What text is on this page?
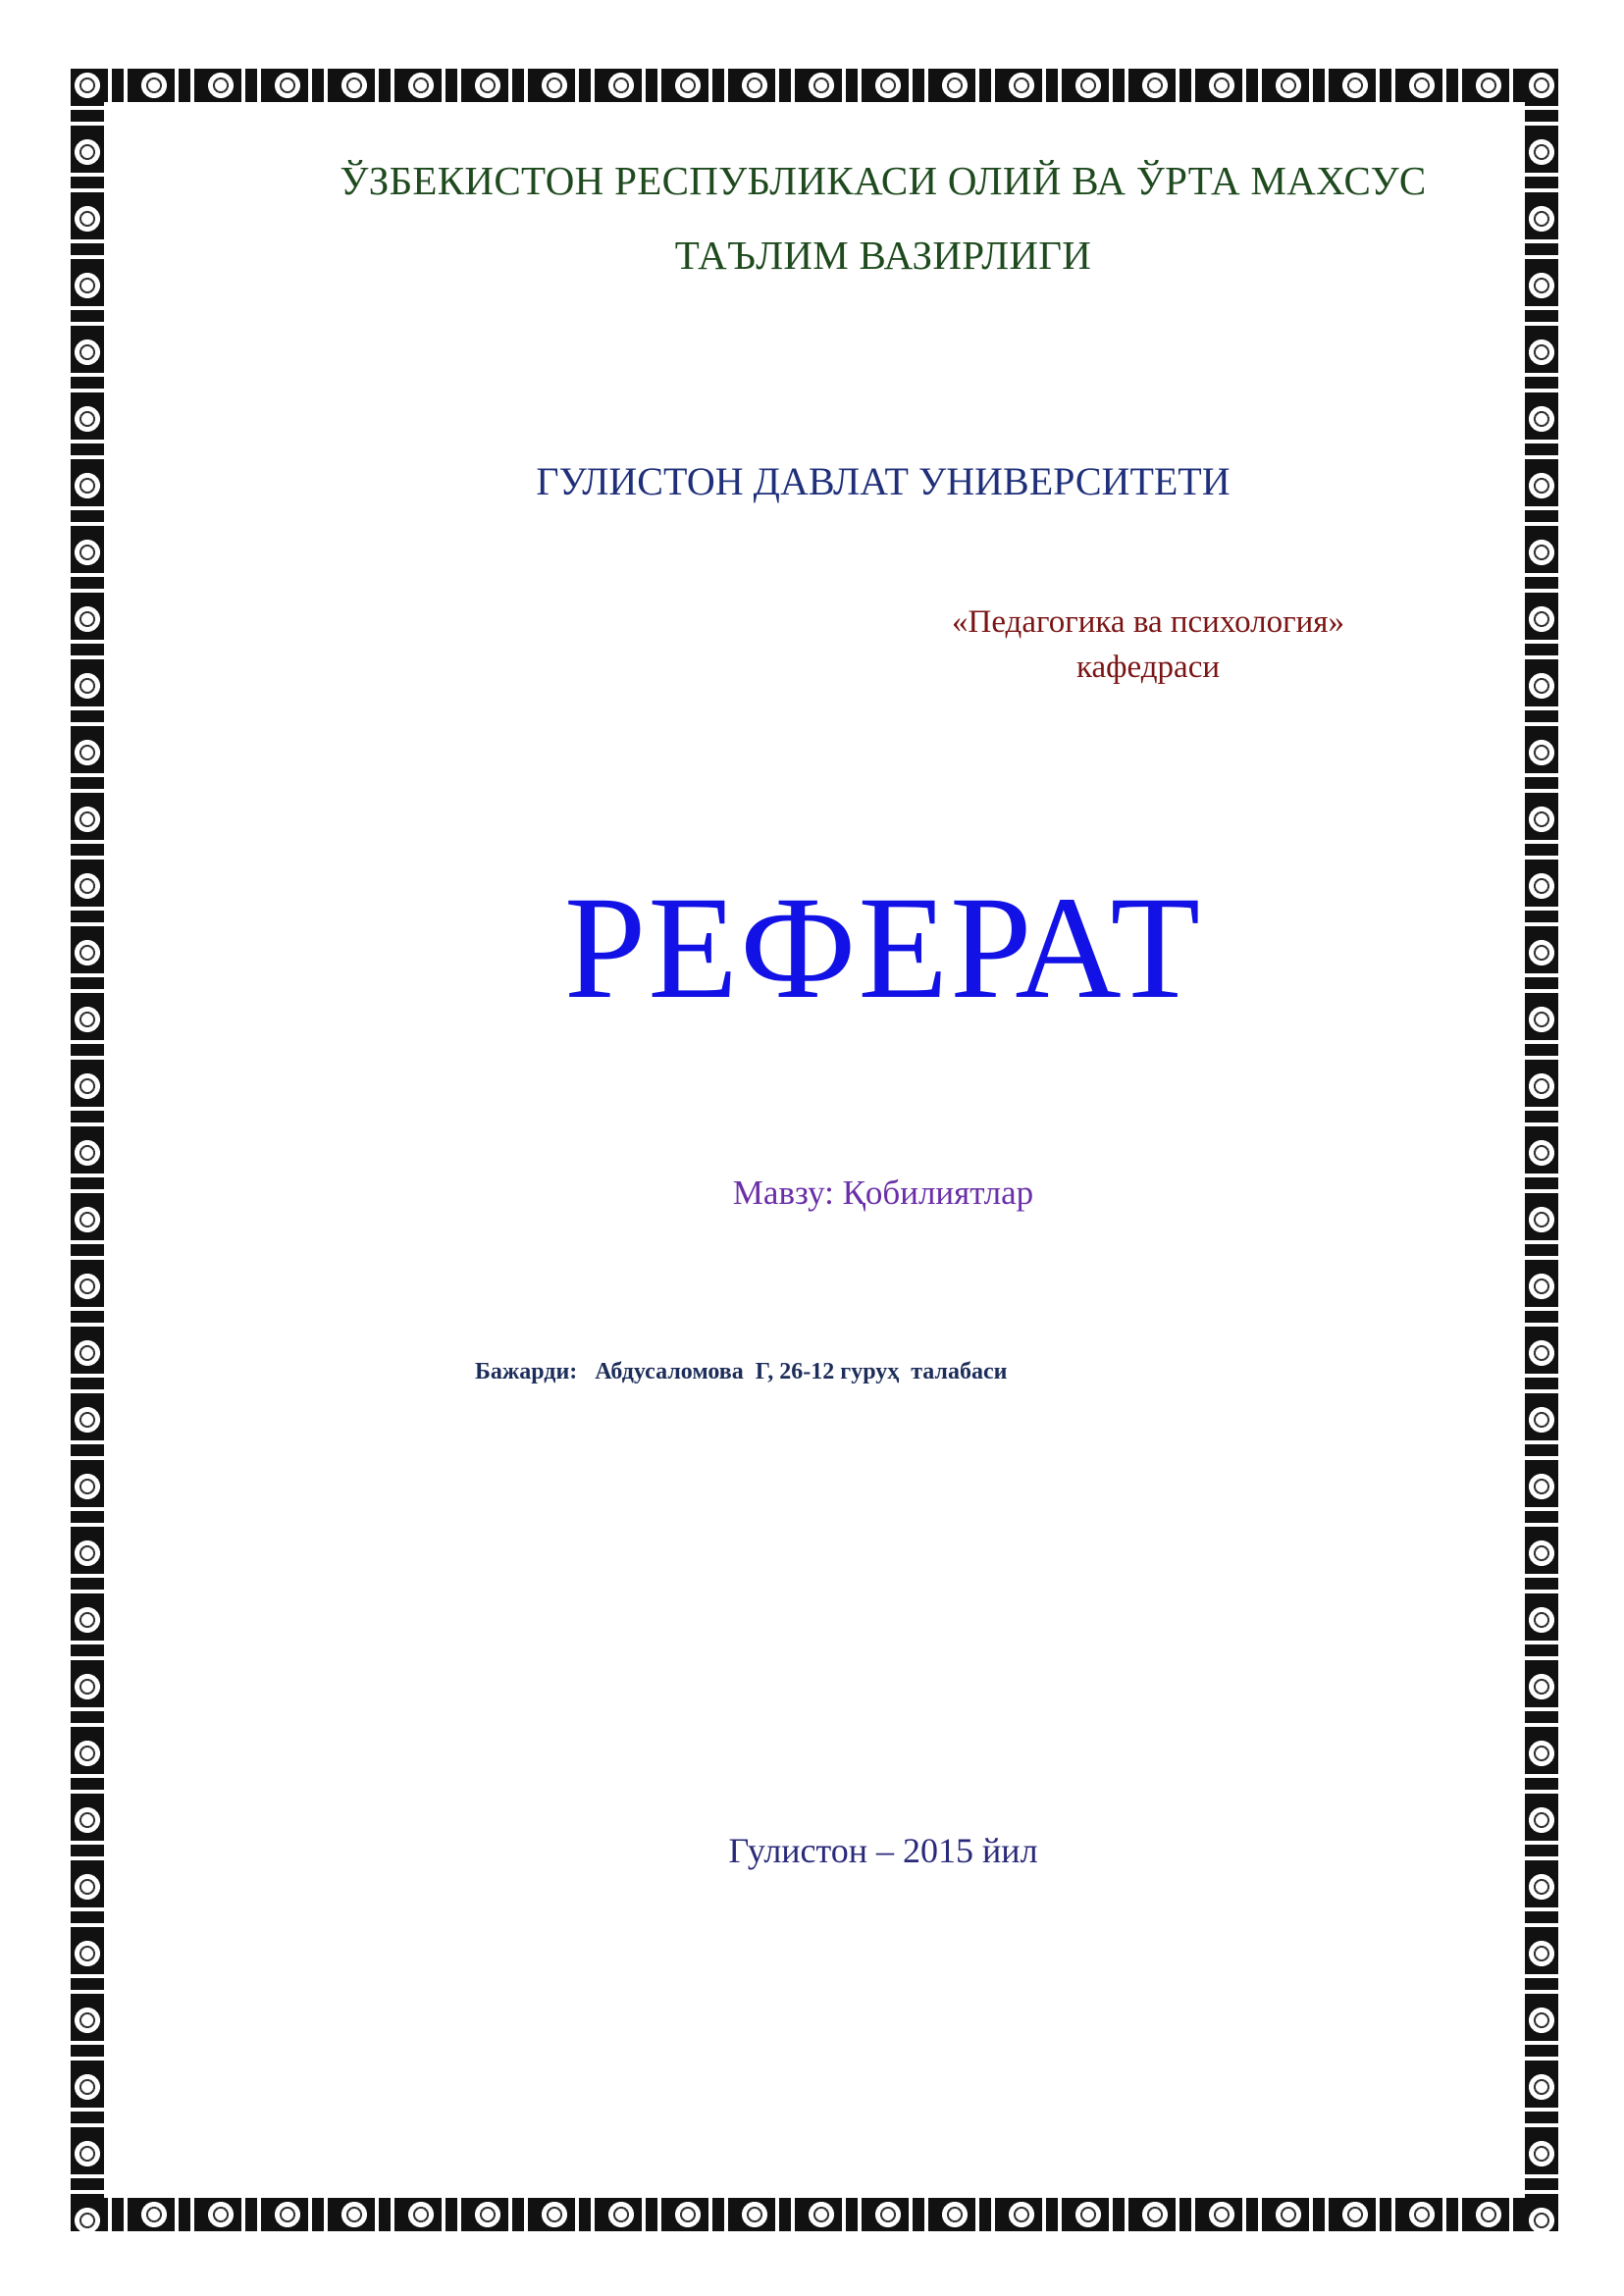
ЎЗБЕКИСТОН РЕСПУБЛИКАСИ ОЛИЙ ВА ЎРТА МАХСУС
ТАЪЛИМ ВАЗИРЛИГИ
ГУЛИСТОН ДАВЛАТ УНИВЕРСИТЕТИ
«Педагогика ва психология»
кафедраси
РЕФЕРАТ
Мавзу: Қобилиятлар
Бажарди: Абдусаломова  Г, 26-12 гуруҳ  талабаси
Гулистон – 2015 йил
